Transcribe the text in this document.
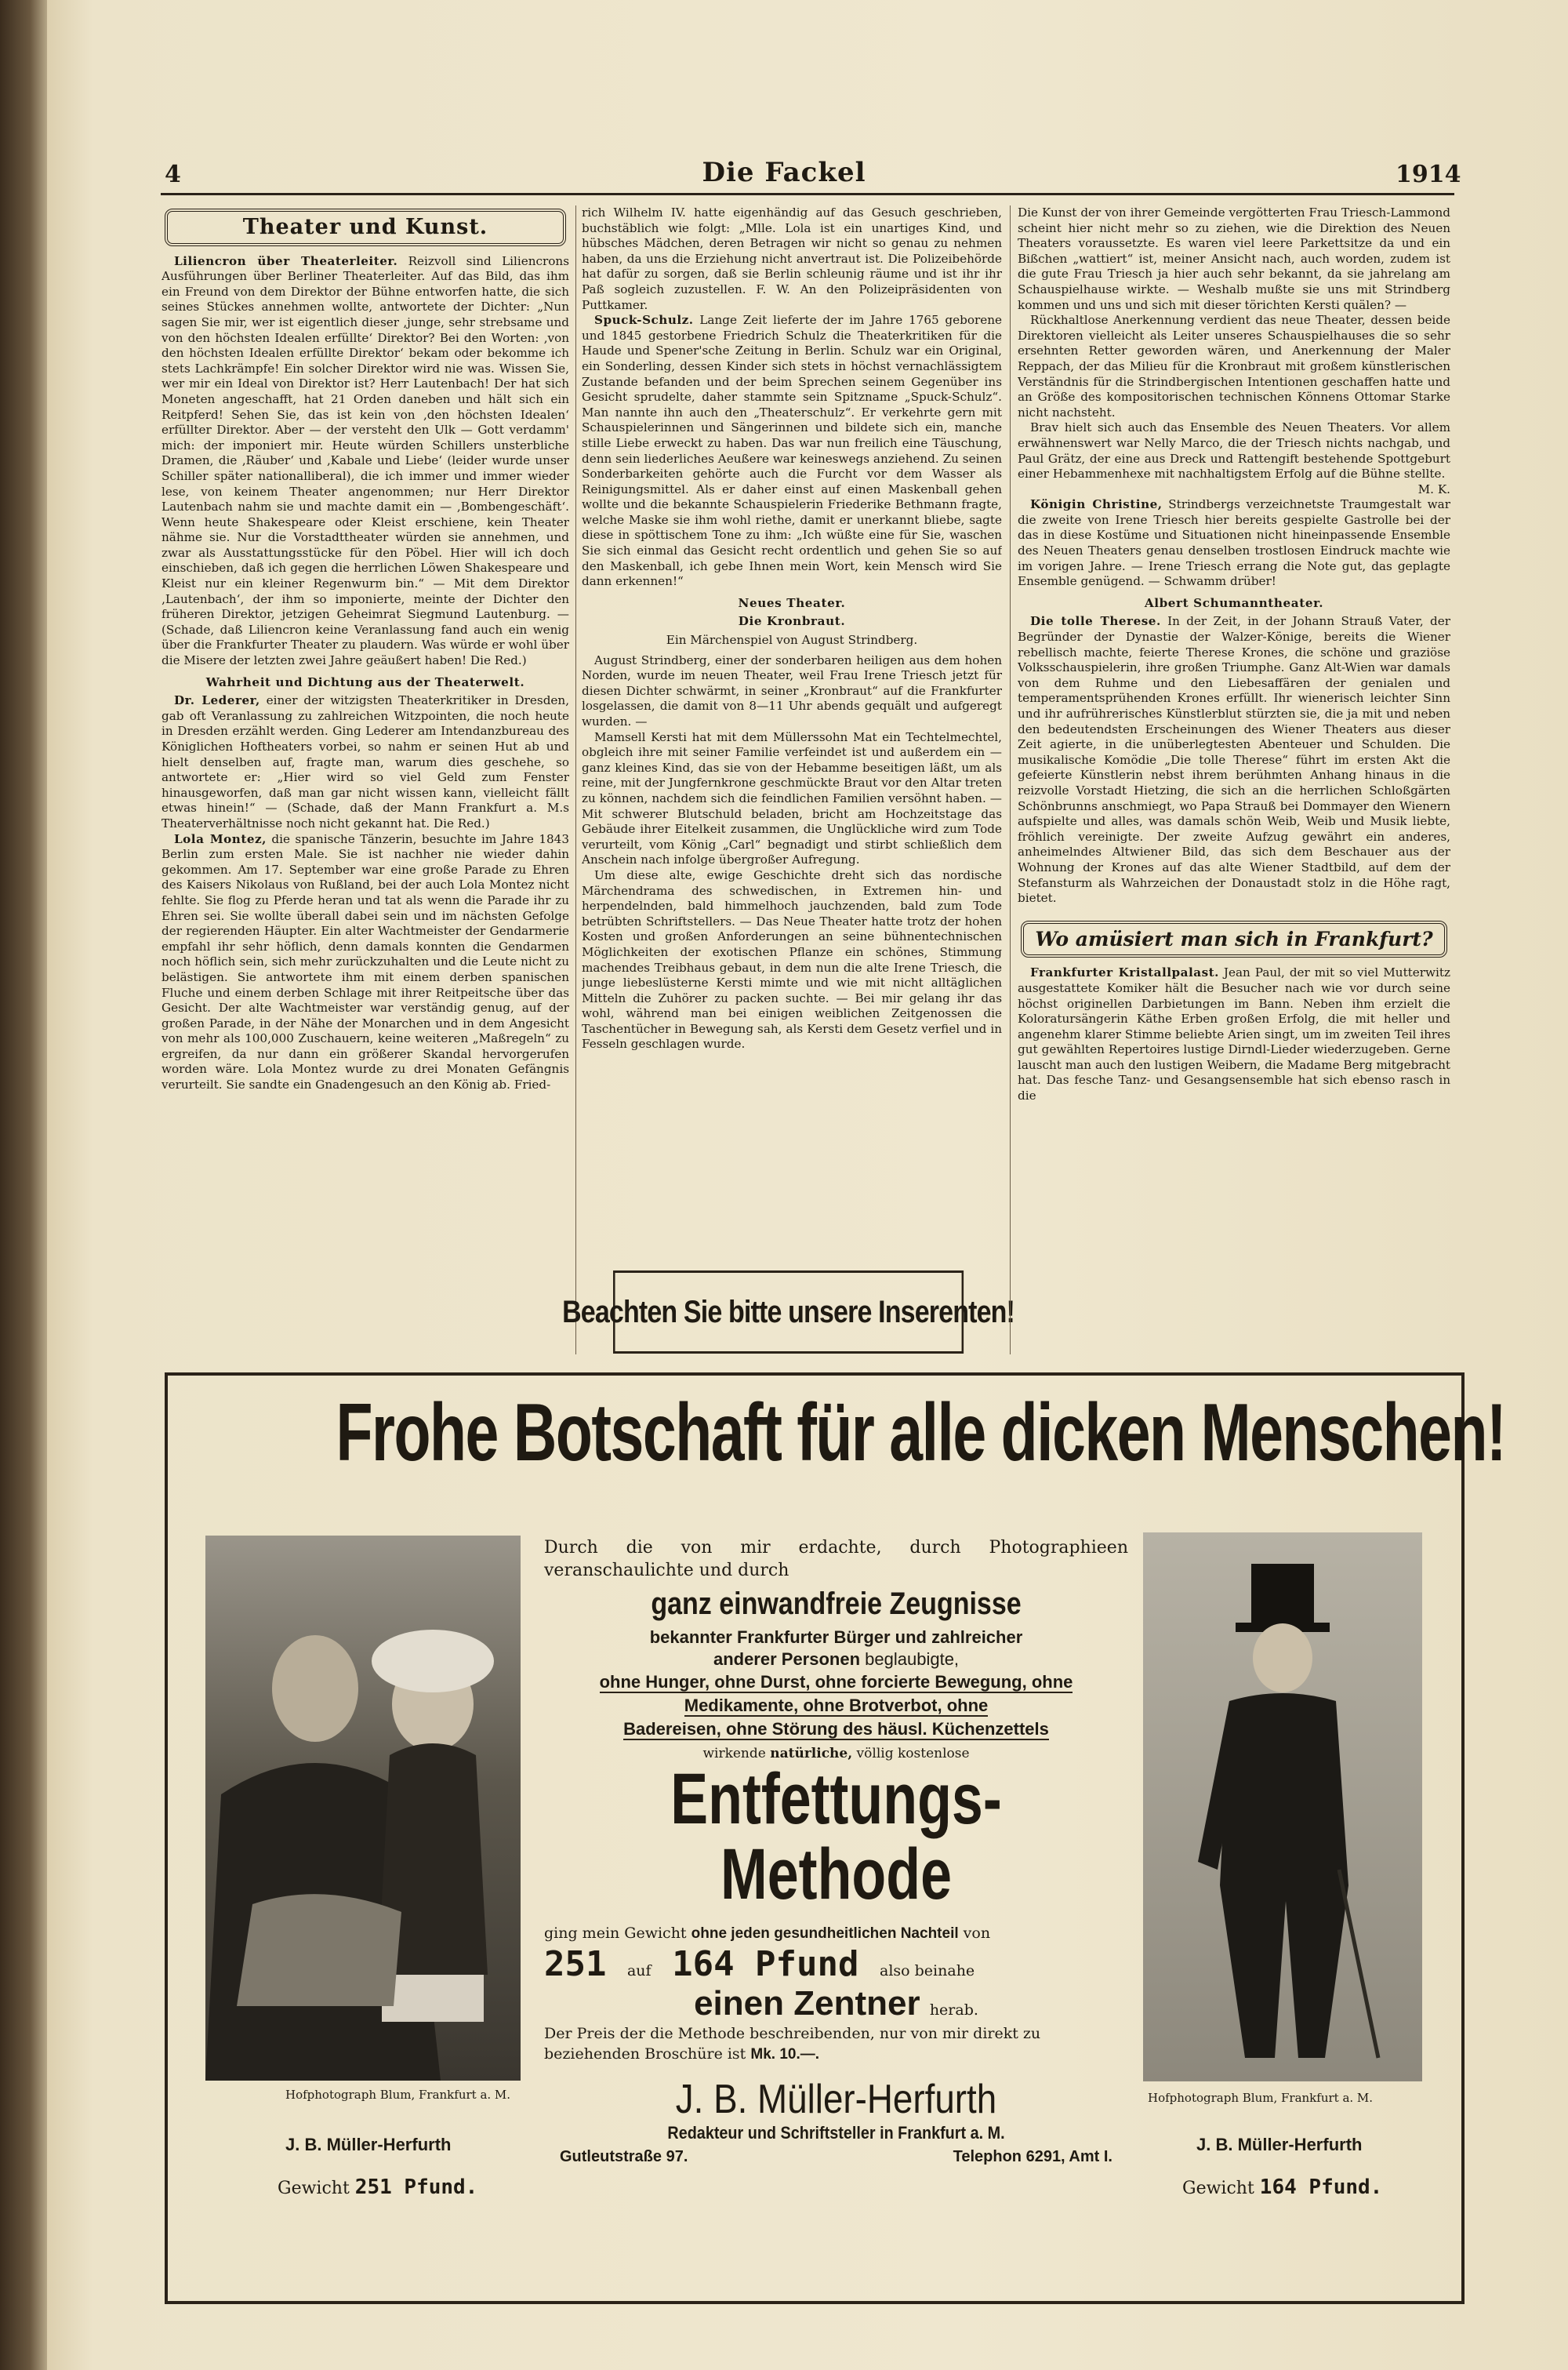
4	Die Fackel	1914
Theater und Kunst.

Liliencron über Theaterleiter. Reizvoll sind Liliencrons Ausführungen über Berliner Theaterleiter. Auf das Bild, das ihm ein Freund von dem Direktor der Bühne entworfen hatte, die sich seines Stückes annehmen wollte, antwortete der Dichter: „Nun sagen Sie mir, wer ist eigentlich dieser ‚junge, sehr strebsame und von den höchsten Idealen erfüllte‘ Direktor? Bei den Worten: ‚von den höchsten Idealen erfüllte Direktor‘ bekam oder bekomme ich stets Lachkrämpfe! Ein solcher Direktor wird nie was. Wissen Sie, wer mir ein Ideal von Direktor ist? Herr Lautenbach! Der hat sich Moneten angeschafft, hat 21 Orden daneben und hält sich ein Reitpferd! Sehen Sie, das ist kein von ‚den höchsten Idealen‘ erfüllter Direktor. Aber — der versteht den Ulk — Gott verdamm' mich: der imponiert mir. Heute würden Schillers unsterbliche Dramen, die ‚Räuber‘ und ‚Kabale und Liebe‘ (leider wurde unser Schiller später nationalliberal), die ich immer und immer wieder lese, von keinem Theater angenommen; nur Herr Direktor Lautenbach nahm sie und machte damit ein — ‚Bombengeschäft‘. Wenn heute Shakespeare oder Kleist erschiene, kein Theater nähme sie. Nur die Vorstadttheater würden sie annehmen, und zwar als Ausstattungsstücke für den Pöbel. Hier will ich doch einschieben, daß ich gegen die herrlichen Löwen Shakespeare und Kleist nur ein kleiner Regenwurm bin.“ — Mit dem Direktor ‚Lautenbach‘, der ihm so imponierte, meinte der Dichter den früheren Direktor, jetzigen Geheimrat Siegmund Lautenburg. — (Schade, daß Liliencron keine Veranlassung fand auch ein wenig über die Frankfurter Theater zu plaudern. Was würde er wohl über die Misere der letzten zwei Jahre geäußert haben! Die Red.)

Wahrheit und Dichtung aus der Theaterwelt.

Dr. Lederer, einer der witzigsten Theaterkritiker in Dresden, gab oft Veranlassung zu zahlreichen Witzpointen, die noch heute in Dresden erzählt werden. Ging Lederer am Intendanzbureau des Königlichen Hoftheaters vorbei, so nahm er seinen Hut ab und hielt denselben auf, fragte man, warum dies geschehe, so antwortete er: „Hier wird so viel Geld zum Fenster hinausgeworfen, daß man gar nicht wissen kann, vielleicht fällt etwas hinein!“ — (Schade, daß der Mann Frankfurt a. M.s Theaterverhältnisse noch nicht gekannt hat. Die Red.)

Lola Montez, die spanische Tänzerin, besuchte im Jahre 1843 Berlin zum ersten Male. Sie ist nachher nie wieder dahin gekommen. Am 17. September war eine große Parade zu Ehren des Kaisers Nikolaus von Rußland, bei der auch Lola Montez nicht fehlte. Sie flog zu Pferde heran und tat als wenn die Parade ihr zu Ehren sei. Sie wollte überall dabei sein und im nächsten Gefolge der regierenden Häupter. Ein alter Wachtmeister der Gendarmerie empfahl ihr sehr höflich, denn damals konnten die Gendarmen noch höflich sein, sich mehr zurückzuhalten und die Leute nicht zu belästigen. Sie antwortete ihm mit einem derben spanischen Fluche und einem derben Schlage mit ihrer Reitpeitsche über das Gesicht. Der alte Wachtmeister war verständig genug, auf der großen Parade, in der Nähe der Monarchen und in dem Angesicht von mehr als 100,000 Zuschauern, keine weiteren „Maßregeln“ zu ergreifen, da nur dann ein größerer Skandal hervorgerufen worden wäre. Lola Montez wurde zu drei Monaten Gefängnis verurteilt. Sie sandte ein Gnadengesuch an den König ab. Fried-

rich Wilhelm IV. hatte eigenhändig auf das Gesuch geschrieben, buchstäblich wie folgt: „Mlle. Lola ist ein unartiges Kind, und hübsches Mädchen, deren Betragen wir nicht so genau zu nehmen haben, da uns die Erziehung nicht anvertraut ist. Die Polizeibehörde hat dafür zu sorgen, daß sie Berlin schleunig räume und ist ihr ihr Paß sogleich zuzustellen. F. W. An den Polizeipräsidenten von Puttkamer.

Spuck-Schulz. Lange Zeit lieferte der im Jahre 1765 geborene und 1845 gestorbene Friedrich Schulz die Theaterkritiken für die Haude und Spener'sche Zeitung in Berlin. Schulz war ein Original, ein Sonderling, dessen Kinder sich stets in höchst vernachlässigtem Zustande befanden und der beim Sprechen seinem Gegenüber ins Gesicht sprudelte, daher stammte sein Spitzname „Spuck-Schulz“. Man nannte ihn auch den „Theaterschulz“. Er verkehrte gern mit Schauspielerinnen und Sängerinnen und bildete sich ein, manche stille Liebe erweckt zu haben. Das war nun freilich eine Täuschung, denn sein liederliches Aeußere war keineswegs anziehend. Zu seinen Sonderbarkeiten gehörte auch die Furcht vor dem Wasser als Reinigungsmittel. Als er daher einst auf einen Maskenball gehen wollte und die bekannte Schauspielerin Friederike Bethmann fragte, welche Maske sie ihm wohl riethe, damit er unerkannt bliebe, sagte diese in spöttischem Tone zu ihm: „Ich wüßte eine für Sie, waschen Sie sich einmal das Gesicht recht ordentlich und gehen Sie so auf den Maskenball, ich gebe Ihnen mein Wort, kein Mensch wird Sie dann erkennen!“

Neues Theater.

Die Kronbraut.

Ein Märchenspiel von August Strindberg.

August Strindberg, einer der sonderbaren heiligen aus dem hohen Norden, wurde im neuen Theater, weil Frau Irene Triesch jetzt für diesen Dichter schwärmt, in seiner „Kronbraut“ auf die Frankfurter losgelassen, die damit von 8—11 Uhr abends gequält und aufgeregt wurden. —

Mamsell Kersti hat mit dem Müllerssohn Mat ein Techtelmechtel, obgleich ihre mit seiner Familie verfeindet ist und außerdem ein — ganz kleines Kind, das sie von der Hebamme beseitigen läßt, um als reine, mit der Jungfernkrone geschmückte Braut vor den Altar treten zu können, nachdem sich die feindlichen Familien versöhnt haben. — Mit schwerer Blutschuld beladen, bricht am Hochzeitstage das Gebäude ihrer Eitelkeit zusammen, die Unglückliche wird zum Tode verurteilt, vom König „Carl“ begnadigt und stirbt schließlich dem Anschein nach infolge übergroßer Aufregung.

Um diese alte, ewige Geschichte dreht sich das nordische Märchendrama des schwedischen, in Extremen hin- und herpendelnden, bald himmelhoch jauchzenden, bald zum Tode betrübten Schriftstellers. — Das Neue Theater hatte trotz der hohen Kosten und großen Anforderungen an seine bühnentechnischen Möglichkeiten der exotischen Pflanze ein schönes, Stimmung machendes Treibhaus gebaut, in dem nun die alte Irene Triesch, die junge liebeslüsterne Kersti mimte und wie mit nicht alltäglichen Mitteln die Zuhörer zu packen suchte. — Bei mir gelang ihr das wohl, während man bei einigen weiblichen Zeitgenossen die Taschentücher in Bewegung sah, als Kersti dem Gesetz verfiel und in Fesseln geschlagen wurde.

Beachten Sie bitte unsere Inserenten!

Die Kunst der von ihrer Gemeinde vergötterten Frau Triesch-Lammond scheint hier nicht mehr so zu ziehen, wie die Direktion des Neuen Theaters voraussetzte. Es waren viel leere Parkettsitze da und ein Bißchen „wattiert“ ist, meiner Ansicht nach, auch worden, zudem ist die gute Frau Triesch ja hier auch sehr bekannt, da sie jahrelang am Schauspielhause wirkte. — Weshalb mußte sie uns mit Strindberg kommen und uns und sich mit dieser törichten Kersti quälen? —

Rückhaltlose Anerkennung verdient das neue Theater, dessen beide Direktoren vielleicht als Leiter unseres Schauspielhauses die so sehr ersehnten Retter geworden wären, und Anerkennung der Maler Reppach, der das Milieu für die Kronbraut mit großem künstlerischen Verständnis für die Strindbergischen Intentionen geschaffen hatte und an Größe des kompositorischen technischen Könnens Ottomar Starke nicht nachsteht.

Brav hielt sich auch das Ensemble des Neuen Theaters. Vor allem erwähnenswert war Nelly Marco, die der Triesch nichts nachgab, und Paul Grätz, der eine aus Dreck und Rattengift bestehende Spottgeburt einer Hebammenhexe mit nachhaltigstem Erfolg auf die Bühne stellte.

M. K.

Königin Christine, Strindbergs verzeichnetste Traumgestalt war die zweite von Irene Triesch hier bereits gespielte Gastrolle bei der das in diese Kostüme und Situationen nicht hineinpassende Ensemble des Neuen Theaters genau denselben trostlosen Eindruck machte wie im vorigen Jahre. — Irene Triesch errang die Note gut, das geplagte Ensemble genügend. — Schwamm drüber!

Albert Schumanntheater.

Die tolle Therese. In der Zeit, in der Johann Strauß Vater, der Begründer der Dynastie der Walzer-Könige, bereits die Wiener rebellisch machte, feierte Therese Krones, die schöne und graziöse Volksschauspielerin, ihre großen Triumphe. Ganz Alt-Wien war damals von dem Ruhme und den Liebesaffären der genialen und temperamentsprühenden Krones erfüllt. Ihr wienerisch leichter Sinn und ihr aufrührerisches Künstlerblut stürzten sie, die ja mit und neben den bedeutendsten Erscheinungen des Wiener Theaters aus dieser Zeit agierte, in die unüberlegtesten Abenteuer und Schulden. Die musikalische Komödie „Die tolle Therese“ führt im ersten Akt die gefeierte Künstlerin nebst ihrem berühmten Anhang hinaus in die reizvolle Vorstadt Hietzing, die sich an die herrlichen Schloßgärten Schönbrunns anschmiegt, wo Papa Strauß bei Dommayer den Wienern aufspielte und alles, was damals schön Weib, Weib und Musik liebte, fröhlich vereinigte. Der zweite Aufzug gewährt ein anderes, anheimelndes Altwiener Bild, das sich dem Beschauer aus der Wohnung der Krones auf das alte Wiener Stadtbild, auf dem der Stefansturm als Wahrzeichen der Donaustadt stolz in die Höhe ragt, bietet.

Wo amüsiert man sich in Frankfurt?

Frankfurter Kristallpalast. Jean Paul, der mit so viel Mutterwitz ausgestattete Komiker hält die Besucher nach wie vor durch seine höchst originellen Darbietungen im Bann. Neben ihm erzielt die Koloratursängerin Käthe Erben großen Erfolg, die mit heller und angenehm klarer Stimme beliebte Arien singt, um im zweiten Teil ihres gut gewählten Repertoires lustige Dirndl-Lieder wiederzugeben. Gerne lauscht man auch den lustigen Weibern, die Madame Berg mitgebracht hat. Das fesche Tanz- und Gesangsensemble hat sich ebenso rasch in die

Frohe Botschaft für alle dicken Menschen!
Hofphotograph Blum, Frankfurt a. M.
J. B. Müller-Herfurth
Gewicht 251 Pfund.
Hofphotograph Blum, Frankfurt a. M.
J. B. Müller-Herfurth
Gewicht 164 Pfund.
Durch die von mir erdachte, durch Photographieen veranschaulichte und durch
ganz einwandfreie Zeugnisse
bekannter Frankfurter Bürger und zahlreicher
anderer Personen beglaubigte,
ohne Hunger, ohne Durst, ohne forcierte Bewegung, ohne Medikamente, ohne Brotverbot, ohne
Badereisen, ohne Störung des häusl. Küchenzettels
wirkende natürliche, völlig kostenlose
Entfettungs-
Methode
ging mein Gewicht ohne jeden gesundheitlichen Nachteil von
251 auf 164 Pfund also beinahe
einen Zentner herab.
Der Preis der die Methode beschreibenden, nur von mir direkt zu beziehenden Broschüre ist Mk. 10.—.
J. B. Müller-Herfurth
Redakteur und Schriftsteller in Frankfurt a. M.
Gutleutstraße 97.	Telephon 6291, Amt I.
